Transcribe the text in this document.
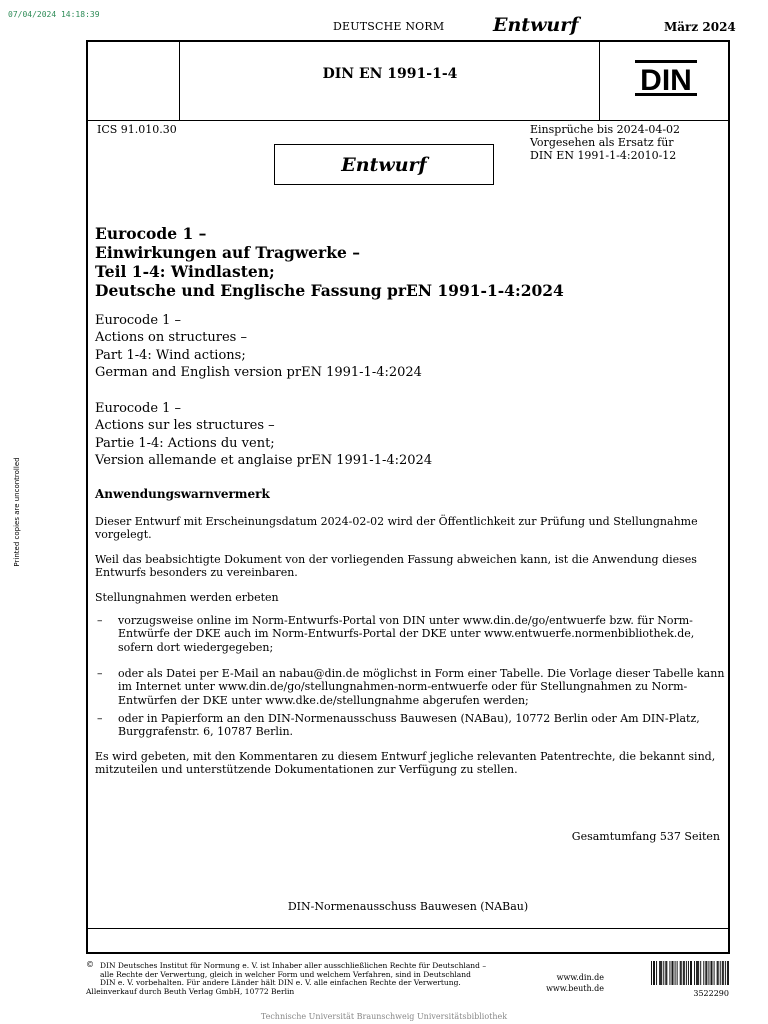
07/04/2024 14:18:39
DEUTSCHE NORM	Entwurf	März 2024
DIN EN 1991-1-4	DIN
ICS 91.010.30	Einsprüche bis 2024-04-02
Vorgesehen als Ersatz für
DIN EN 1991-1-4:2010-12
Entwurf
Eurocode 1 –
Einwirkungen auf Tragwerke –
Teil 1-4: Windlasten;
Deutsche und Englische Fassung prEN 1991-1-4:2024
Eurocode 1 –
Actions on structures –
Part 1-4: Wind actions;
German and English version prEN 1991-1-4:2024
Eurocode 1 –
Actions sur les structures –
Partie 1-4: Actions du vent;
Version allemande et anglaise prEN 1991-1-4:2024
Anwendungswarnvermerk
Dieser Entwurf mit Erscheinungsdatum 2024-02-02 wird der Öffentlichkeit zur Prüfung und Stellungnahme
vorgelegt.
Weil das beabsichtigte Dokument von der vorliegenden Fassung abweichen kann, ist die Anwendung dieses
Entwurfs besonders zu vereinbaren.
Stellungnahmen werden erbeten
–	vorzugsweise online im Norm-Entwurfs-Portal von DIN unter www.din.de/go/entwuerfe bzw. für Norm-
Entwürfe der DKE auch im Norm-Entwurfs-Portal der DKE unter www.entwuerfe.normenbibliothek.de,
sofern dort wiedergegeben;
–	oder als Datei per E-Mail an nabau@din.de möglichst in Form einer Tabelle. Die Vorlage dieser Tabelle kann
im Internet unter www.din.de/go/stellungnahmen-norm-entwuerfe oder für Stellungnahmen zu Norm-
Entwürfen der DKE unter www.dke.de/stellungnahme abgerufen werden;
–	oder in Papierform an den DIN-Normenausschuss Bauwesen (NABau), 10772 Berlin oder Am DIN-Platz,
Burggrafenstr. 6, 10787 Berlin.
Es wird gebeten, mit den Kommentaren zu diesem Entwurf jegliche relevanten Patentrechte, die bekannt sind,
mitzuteilen und unterstützende Dokumentationen zur Verfügung zu stellen.
Gesamtumfang 537 Seiten
DIN-Normenausschuss Bauwesen (NABau)
Printed copies are uncontrolled
© DIN Deutsches Institut für Normung e. V. ist Inhaber aller ausschließlichen Rechte für Deutschland –
alle Rechte der Verwertung, gleich in welcher Form und welchem Verfahren, sind in Deutschland
DIN e. V. vorbehalten. Für andere Länder hält DIN e. V. alle einfachen Rechte der Verwertung.
Alleinverkauf durch Beuth Verlag GmbH, 10772 Berlin
www.din.de
www.beuth.de
3522290
Technische Universität Braunschweig Universitätsbibliothek
